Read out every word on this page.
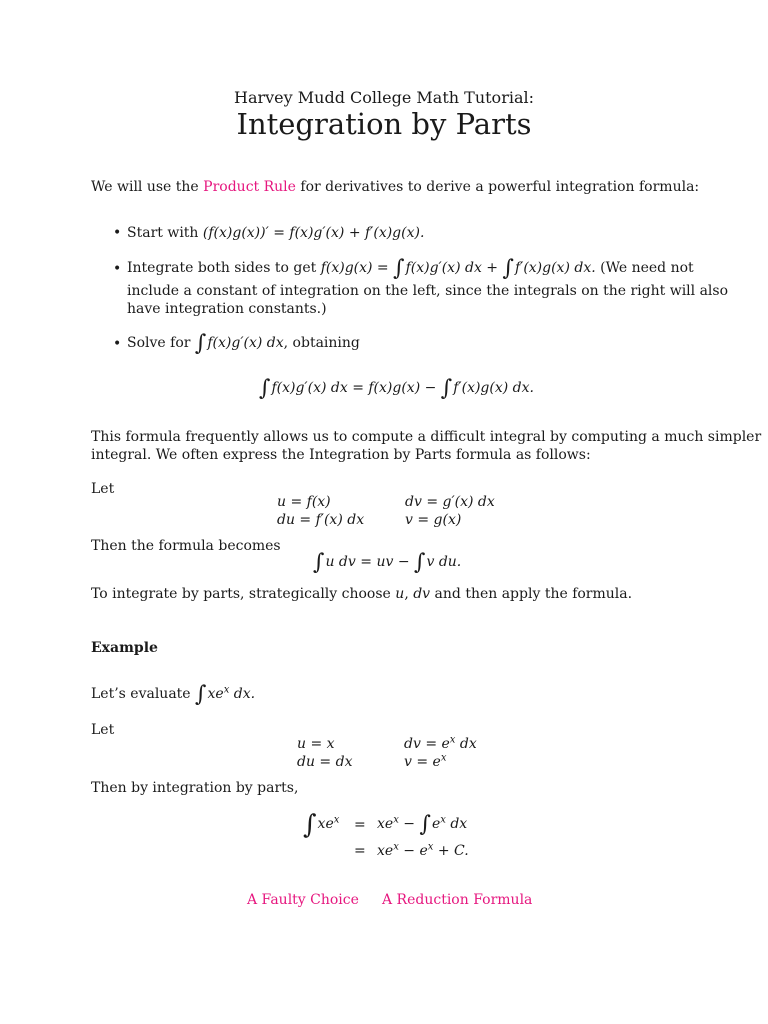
Harvey Mudd College Math Tutorial:
Integration by Parts
We will use the Product Rule for derivatives to derive a powerful integration formula:
• Start with (f(x)g(x))′ = f(x)g′(x) + f′(x)g(x).
• Integrate both sides to get f(x)g(x) = ∫f(x)g′(x) dx + ∫f′(x)g(x) dx. (We need not
include a constant of integration on the left, since the integrals on the right will also
have integration constants.)
• Solve for ∫f(x)g′(x) dx, obtaining
∫f(x)g′(x) dx = f(x)g(x) − ∫f′(x)g(x) dx.
This formula frequently allows us to compute a difficult integral by computing a much simpler
integral. We often express the Integration by Parts formula as follows:
Let
u = f(x)
du = f′(x) dx
dv = g′(x) dx
v = g(x)
Then the formula becomes
∫u dv = uv − ∫v du.
To integrate by parts, strategically choose u, dv and then apply the formula.
Example
Let’s evaluate $\int xe^x$ dx.
Let
u = x
du = dx
dv = $e^x$ dx
$v = e^x$
Then by integration by parts,
$\int xe^x = xe^x - \int e^x$ dx
= $xe^x - e^x + C$.
A Faulty Choice A Reduction Formula
